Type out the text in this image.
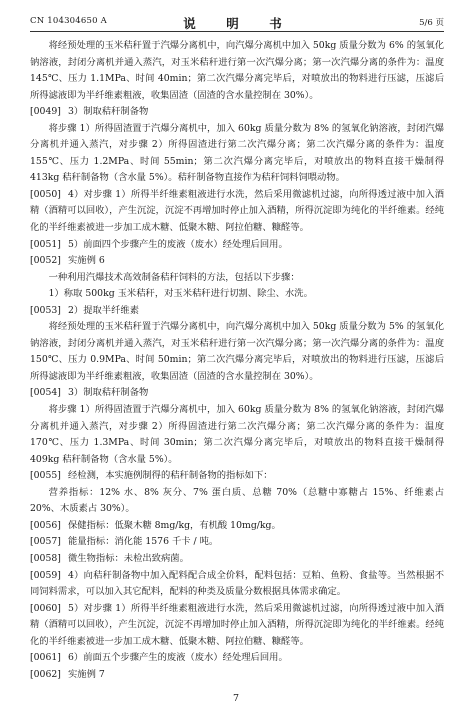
CN 104304650 A	说　明　书	5/6 页

将经预处理的玉米秸秆置于汽爆分离机中，向汽爆分离机中加入 50kg 质量分数为 6% 的氢氧化钠溶液，封闭分离机并通入蒸汽，对玉米秸秆进行第一次汽爆分离；第一次汽爆分离的条件为：温度 145℃、压力 1.1MPa、时间 40min；第二次汽爆分离完毕后，对喷放出的物料进行压滤，压滤后所得滤液即为半纤维素粗液，收集固渣（固渣的含水量控制在 30%）。

[0049] 3）制取秸秆制备物

将步骤 1）所得固渣置于汽爆分离机中，加入 60kg 质量分数为 8% 的氢氧化钠溶液，封闭汽爆分离机并通入蒸汽，对步骤 2）所得固渣进行第二次汽爆分离；第二次汽爆分离的条件为：温度 155℃、压力 1.2MPa、时间 55min；第二次汽爆分离完毕后，对喷放出的物料直接干燥制得 413kg 秸秆制备物（含水量 5%）。秸秆制备物直接作为秸秆饲料饲喂动物。

[0050] 4）对步骤 1）所得半纤维素粗液进行水洗，然后采用微滤机过滤，向所得透过液中加入酒精（酒精可以回收），产生沉淀，沉淀不再增加时停止加入酒精，所得沉淀即为纯化的半纤维素。经纯化的半纤维素被进一步加工成木糖、低聚木糖、阿拉伯糖、糠醛等。

[0051] 5）前面四个步骤产生的废液（废水）经处理后回用。

[0052] 实施例 6

一种利用汽爆技术高效制备秸秆饲料的方法，包括以下步骤：

1）称取 500kg 玉米秸秆，对玉米秸秆进行切割、除尘、水洗。

[0053] 2）提取半纤维素

将经预处理的玉米秸秆置于汽爆分离机中，向汽爆分离机中加入 50kg 质量分数为 5% 的氢氧化钠溶液，封闭分离机并通入蒸汽，对玉米秸秆进行第一次汽爆分离；第一次汽爆分离的条件为：温度 150℃、压力 0.9MPa、时间 50min；第二次汽爆分离完毕后，对喷放出的物料进行压滤，压滤后所得滤液即为半纤维素粗液，收集固渣（固渣的含水量控制在 30%）。

[0054] 3）制取秸秆制备物

将步骤 1）所得固渣置于汽爆分离机中，加入 60kg 质量分数为 8% 的氢氧化钠溶液，封闭汽爆分离机并通入蒸汽，对步骤 2）所得固渣进行第二次汽爆分离；第二次汽爆分离的条件为：温度 170℃、压力 1.3MPa、时间 30min；第二次汽爆分离完毕后，对喷放出的物料直接干燥制得 409kg 秸秆制备物（含水量 5%）。

[0055] 经检测，本实施例制得的秸秆制备物的指标如下：

营养指标：12% 水、8% 灰分、7% 蛋白质、总糖 70%（总糖中寡糖占 15%、纤维素占 20%、木质素占 30%）。

[0056] 保健指标：低聚木糖 8mg/kg，有机酸 10mg/kg。

[0057] 能量指标：消化能 1576 千卡 / 吨。

[0058] 微生物指标：未检出致病菌。

[0059] 4）向秸秆制备物中加入配料配合成全价料，配料包括：豆粕、鱼粉、食盐等。当然根据不同饲料需求，可以加入其它配料，配料的种类及质量分数根据具体需求确定。

[0060] 5）对步骤 1）所得半纤维素粗液进行水洗，然后采用微滤机过滤，向所得透过液中加入酒精（酒精可以回收），产生沉淀，沉淀不再增加时停止加入酒精，所得沉淀即为纯化的半纤维素。经纯化的半纤维素被进一步加工成木糖、低聚木糖、阿拉伯糖、糠醛等。

[0061] 6）前面五个步骤产生的废液（废水）经处理后回用。

[0062] 实施例 7

7
